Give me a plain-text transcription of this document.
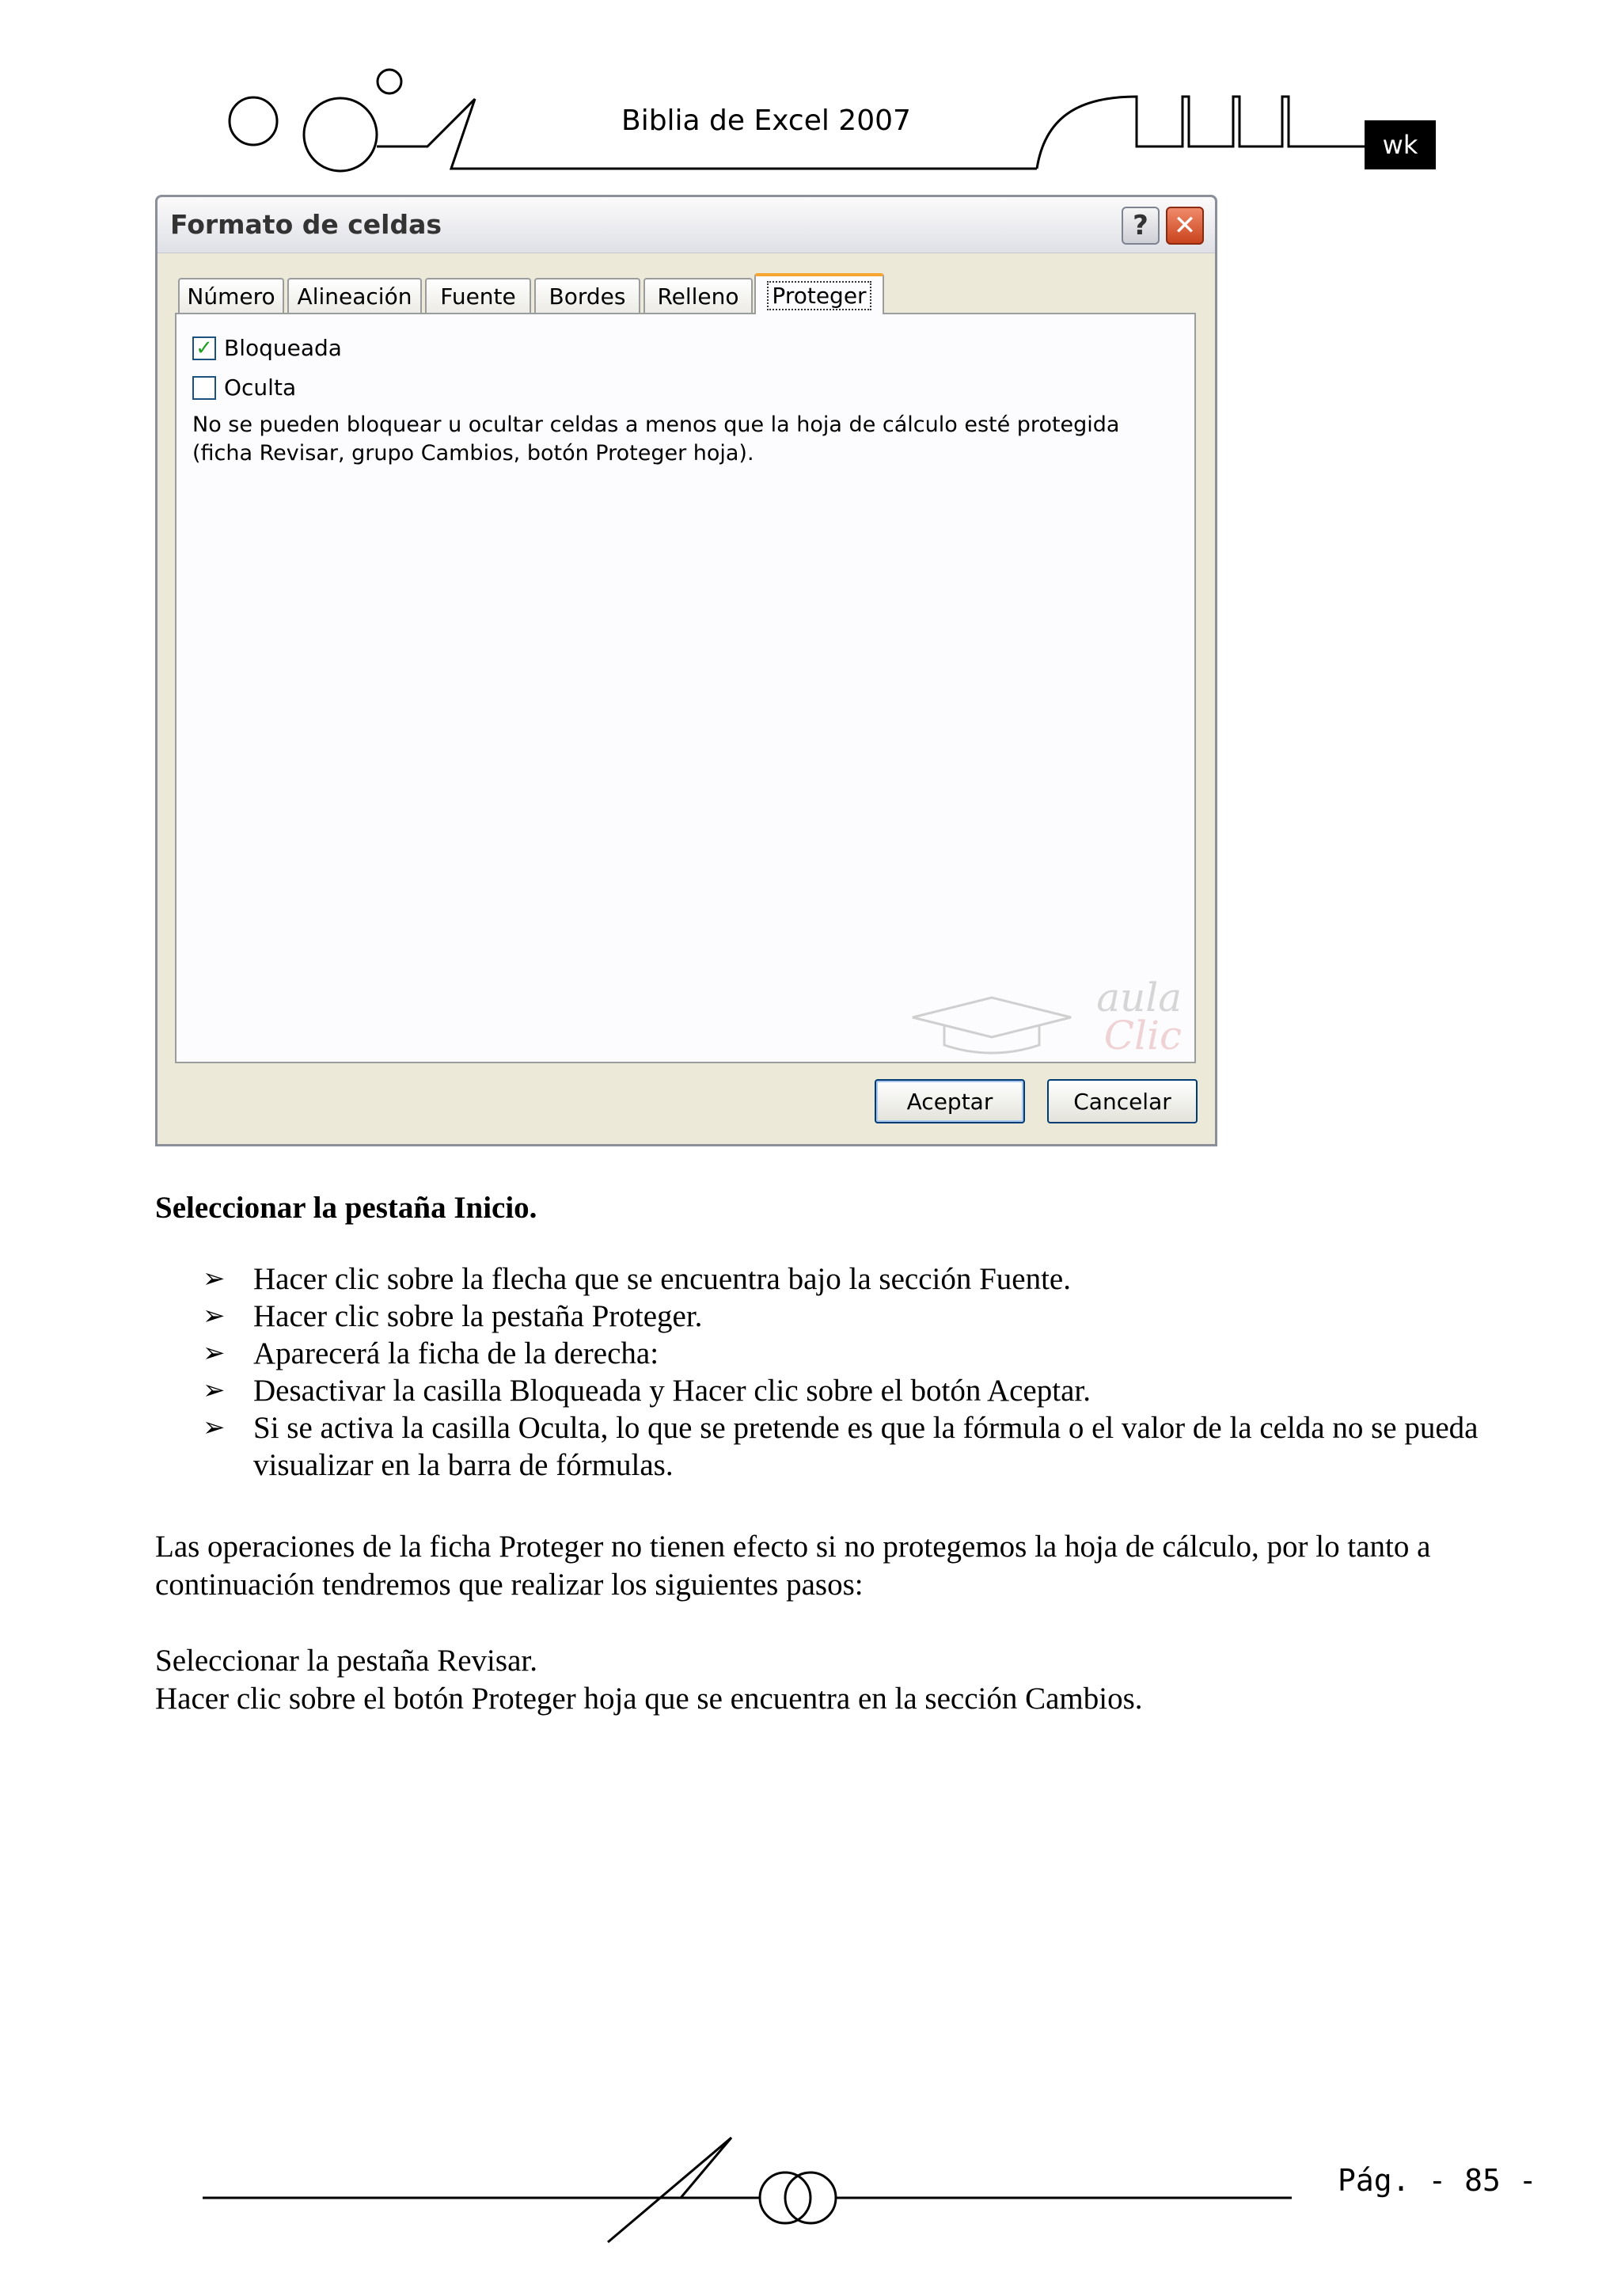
Biblia de Excel 2007
wk
Formato de celdas	? ✕
Número Alineación	Fuente	Bordes	Relleno	Proteger
✓ Bloqueada
Oculta
No se pueden bloquear u ocultar celdas a menos que la hoja de cálculo esté protegida (ficha Revisar, grupo Cambios, botón Proteger hoja).
aula
Clic
Aceptar	Cancelar
Seleccionar la pestaña Inicio.
➢ Hacer clic sobre la flecha que se encuentra bajo la sección Fuente.
➢ Hacer clic sobre la pestaña Proteger.
➢ Aparecerá la ficha de la derecha:
➢ Desactivar la casilla Bloqueada y Hacer clic sobre el botón Aceptar.
➢ Si se activa la casilla Oculta, lo que se pretende es que la fórmula o el valor de la celda no se pueda visualizar en la barra de fórmulas.
Las operaciones de la ficha Proteger no tienen efecto si no protegemos la hoja de cálculo, por lo tanto a continuación tendremos que realizar los siguientes pasos:
Seleccionar la pestaña Revisar.
Hacer clic sobre el botón Proteger hoja que se encuentra en la sección Cambios.
Pág. - 85 -
